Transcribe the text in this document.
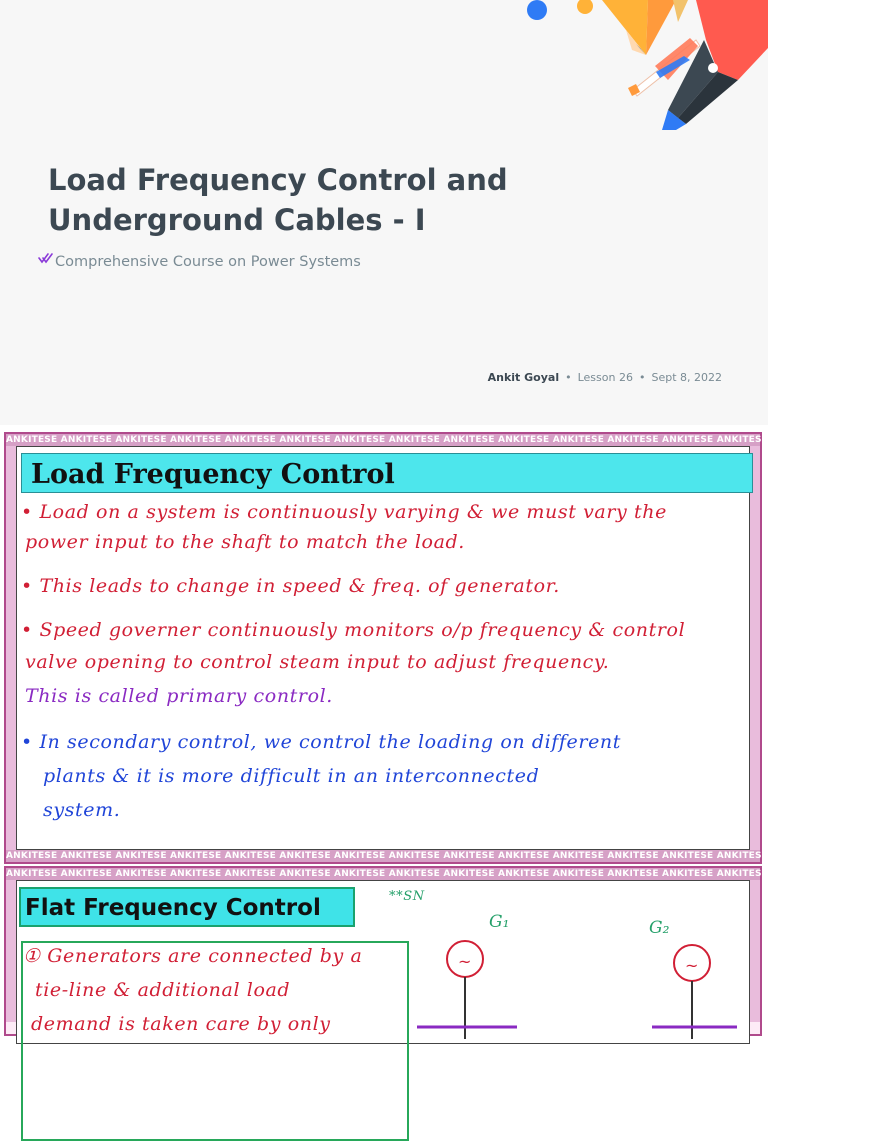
Load Frequency Control and
Underground Cables - I
Comprehensive Course on Power Systems
Ankit Goyal • Lesson 26 • Sept 8, 2022
ANKITESE ANKITESE ANKITESE ANKITESE ANKITESE ANKITESE ANKITESE ANKITESE ANKITESE ANKITESE ANKITESE ANKITESE ANKITESE ANKITESE ANKITESE ANKITESE
Load Frequency Control
• Load on a system is continuously varying & we must vary the
power input to the shaft to match the load.
• This leads to change in speed & freq. of generator.
• Speed governer continuously monitors o/p frequency & control
valve opening to control steam input to adjust frequency.
This is called primary control.
• In secondary control, we control the loading on different
plants & it is more difficult in an interconnected
system.
ANKITESE ANKITESE ANKITESE ANKITESE ANKITESE ANKITESE ANKITESE ANKITESE ANKITESE ANKITESE ANKITESE ANKITESE ANKITESE ANKITESE ANKITESE ANKITESE
ANKITESE ANKITESE ANKITESE ANKITESE ANKITESE ANKITESE ANKITESE ANKITESE ANKITESE ANKITESE ANKITESE ANKITESE ANKITESE ANKITESE ANKITESE ANKITESE
Flat Frequency Control	**SN
① Generators are connected by a
tie-line & additional load
demand is taken care by only
~	~
G₁	G₂
